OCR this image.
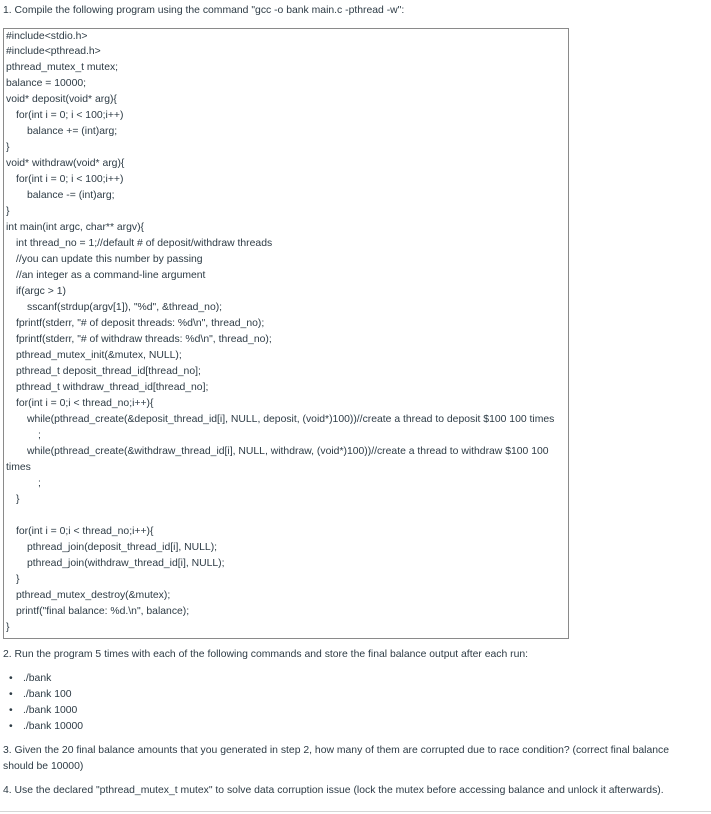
1. Compile the following program using the command "gcc -o bank main.c -pthread -w":
#include<stdio.h>
#include<pthread.h>
pthread_mutex_t mutex;
balance = 10000;
void* deposit(void* arg){
for(int i = 0; i < 100;i++)
balance += (int)arg;
}
void* withdraw(void* arg){
for(int i = 0; i < 100;i++)
balance -= (int)arg;
}
int main(int argc, char** argv){
int thread_no = 1;//default # of deposit/withdraw threads
//you can update this number by passing
//an integer as a command-line argument
if(argc > 1)
sscanf(strdup(argv[1]), "%d", &thread_no);
fprintf(stderr, "# of deposit threads: %d\n", thread_no);
fprintf(stderr, "# of withdraw threads: %d\n", thread_no);
pthread_mutex_init(&mutex, NULL);
pthread_t deposit_thread_id[thread_no];
pthread_t withdraw_thread_id[thread_no];
for(int i = 0;i < thread_no;i++){
while(pthread_create(&deposit_thread_id[i], NULL, deposit, (void*)100))//create a thread to deposit $100 100 times
;
while(pthread_create(&withdraw_thread_id[i], NULL, withdraw, (void*)100))//create a thread to withdraw $100 100
times
;
}
for(int i = 0;i < thread_no;i++){
pthread_join(deposit_thread_id[i], NULL);
pthread_join(withdraw_thread_id[i], NULL);
}
pthread_mutex_destroy(&mutex);
printf("final balance: %d.\n", balance);
}
2. Run the program 5 times with each of the following commands and store the final balance output after each run:
• ./bank
• ./bank 100
• ./bank 1000
• ./bank 10000
3. Given the 20 final balance amounts that you generated in step 2, how many of them are corrupted due to race condition? (correct final balance
should be 10000)
4. Use the declared "pthread_mutex_t mutex" to solve data corruption issue (lock the mutex before accessing balance and unlock it afterwards).
